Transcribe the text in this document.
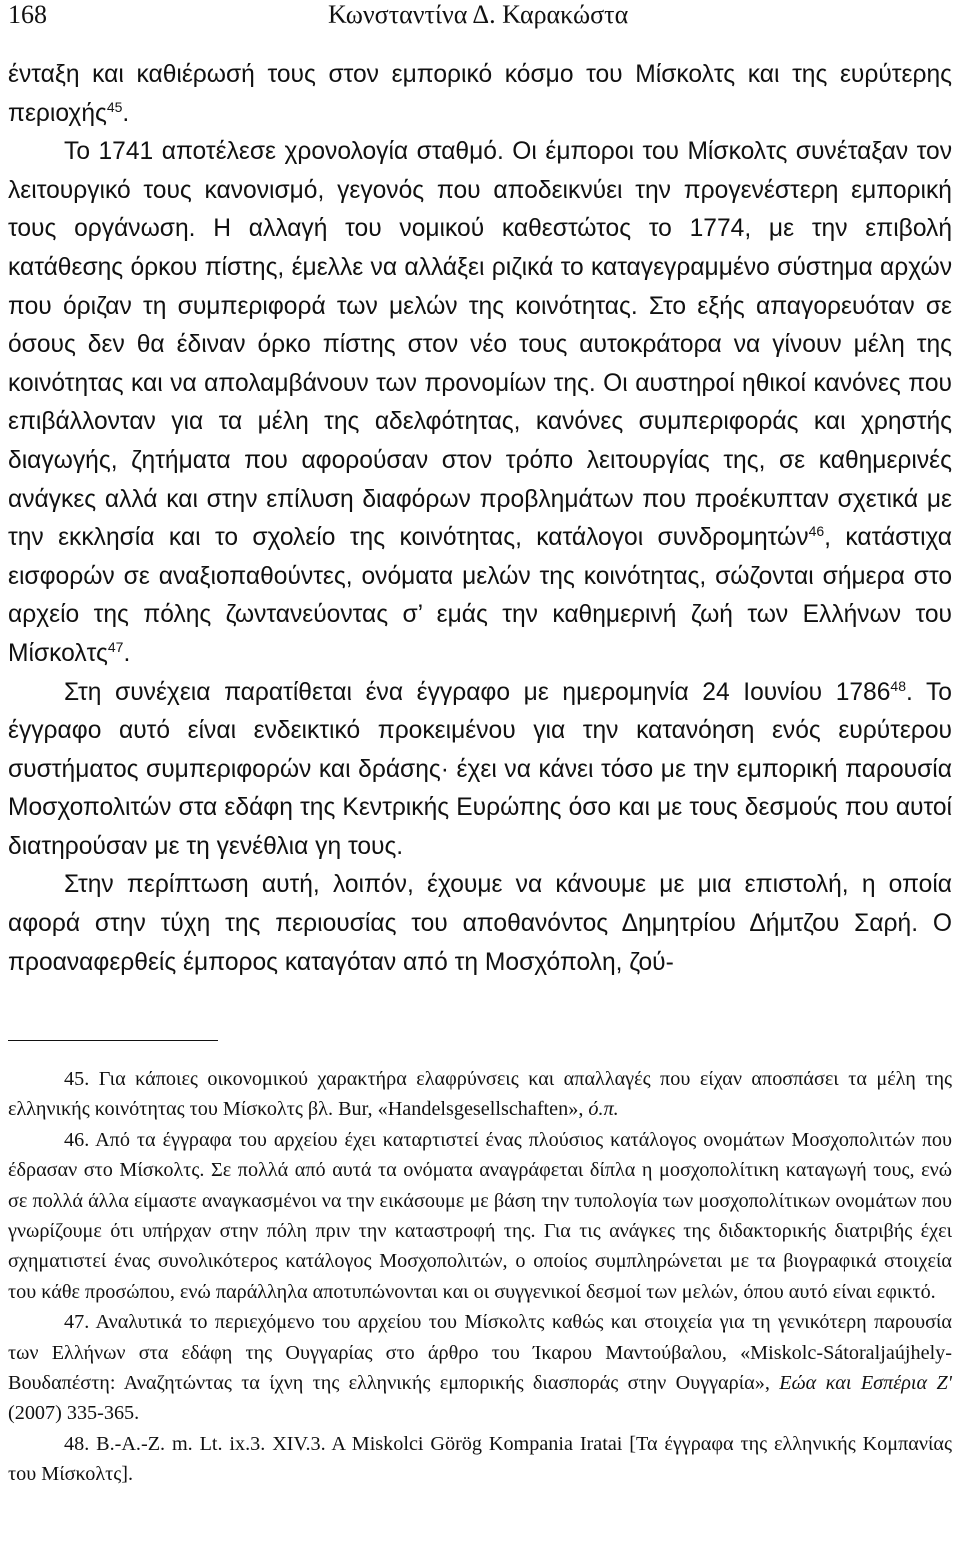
168	Κωνσταντίνα Δ. Καρακώστα

ένταξη και καθιέρωσή τους στον εμπορικό κόσμο του Μίσκολτς και της ευρύτερης περιοχής$^{45}$.

Το 1741 αποτέλεσε χρονολογία σταθμό. Οι έμποροι του Μίσκολτς συνέταξαν τον λειτουργικό τους κανονισμό, γεγονός που αποδεικνύει την προγενέστερη εμπορική τους οργάνωση. Η αλλαγή του νομικού καθεστώτος το 1774, με την επιβολή κατάθεσης όρκου πίστης, έμελλε να αλλάξει ριζικά το καταγεγραμμένο σύστημα αρχών που όριζαν τη συμπεριφορά των μελών της κοινότητας. Στο εξής απαγορευόταν σε όσους δεν θα έδιναν όρκο πίστης στον νέο τους αυτοκράτορα να γίνουν μέλη της κοινότητας και να απολαμβάνουν των προνομίων της. Οι αυστηροί ηθικοί κανόνες που επιβάλλονταν για τα μέλη της αδελφότητας, κανόνες συμπεριφοράς και χρηστής διαγωγής, ζητήματα που αφορούσαν στον τρόπο λειτουργίας της, σε καθημερινές ανάγκες αλλά και στην επίλυση διαφόρων προβλημάτων που προέκυπταν σχετικά με την εκκλησία και το σχολείο της κοινότητας, κατάλογοι συνδρομητών$^{46}$, κατάστιχα εισφορών σε αναξιοπαθούντες, ονόματα μελών της κοινότητας, σώζονται σήμερα στο αρχείο της πόλης ζωντανεύοντας σ’ εμάς την καθημερινή ζωή των Ελλήνων του Μίσκολτς$^{47}$.

Στη συνέχεια παρατίθεται ένα έγγραφο με ημερομηνία 24 Ιουνίου 1786$^{48}$. Το έγγραφο αυτό είναι ενδεικτικό προκειμένου για την κατανόηση ενός ευρύτερου συστήματος συμπεριφορών και δράσης· έχει να κάνει τόσο με την εμπορική παρουσία Μοσχοπολιτών στα εδάφη της Κεντρικής Ευρώπης όσο και με τους δεσμούς που αυτοί διατηρούσαν με τη γενέθλια γη τους.

Στην περίπτωση αυτή, λοιπόν, έχουμε να κάνουμε με μια επιστολή, η οποία αφορά στην τύχη της περιουσίας του αποθανόντος Δημητρίου Δήμτζου Σαρή. Ο προαναφερθείς έμπορος καταγόταν από τη Μοσχόπολη, ζού-

45. Για κάποιες οικονομικού χαρακτήρα ελαφρύνσεις και απαλλαγές που είχαν αποσπάσει τα μέλη της ελληνικής κοινότητας του Μίσκολτς βλ. Bur, «Handelsgesellschaften», ό.π.

46. Από τα έγγραφα του αρχείου έχει καταρτιστεί ένας πλούσιος κατάλογος ονομάτων Μοσχοπολιτών που έδρασαν στο Μίσκολτς. Σε πολλά από αυτά τα ονόματα αναγράφεται δίπλα η μοσχοπολίτικη καταγωγή τους, ενώ σε πολλά άλλα είμαστε αναγκασμένοι να την εικάσουμε με βάση την τυπολογία των μοσχοπολίτικων ονομάτων που γνωρίζουμε ότι υπήρχαν στην πόλη πριν την καταστροφή της. Για τις ανάγκες της διδακτορικής διατριβής έχει σχηματιστεί ένας συνολικότερος κατάλογος Μοσχοπολιτών, ο οποίος συμπληρώνεται με τα βιογραφικά στοιχεία του κάθε προσώπου, ενώ παράλληλα αποτυπώνονται και οι συγγενικοί δεσμοί των μελών, όπου αυτό είναι εφικτό.

47. Αναλυτικά το περιεχόμενο του αρχείου του Μίσκολτς καθώς και στοιχεία για τη γενικότερη παρουσία των Ελλήνων στα εδάφη της Ουγγαρίας στο άρθρο του Ίκαρου Μαντούβαλου, «Miskolc-Sátoraljaújhely-Βουδαπέστη: Αναζητώντας τα ίχνη της ελληνικής εμπορικής διασποράς στην Ουγγαρία», Εώα και Εσπέρια Ζ' (2007) 335-365.

48. B.-A.-Z. m. Lt. ix.3. XIV.3. A Miskolci Görög Kompania Iratai [Τα έγγραφα της ελληνικής Κομπανίας του Μίσκολτς].
